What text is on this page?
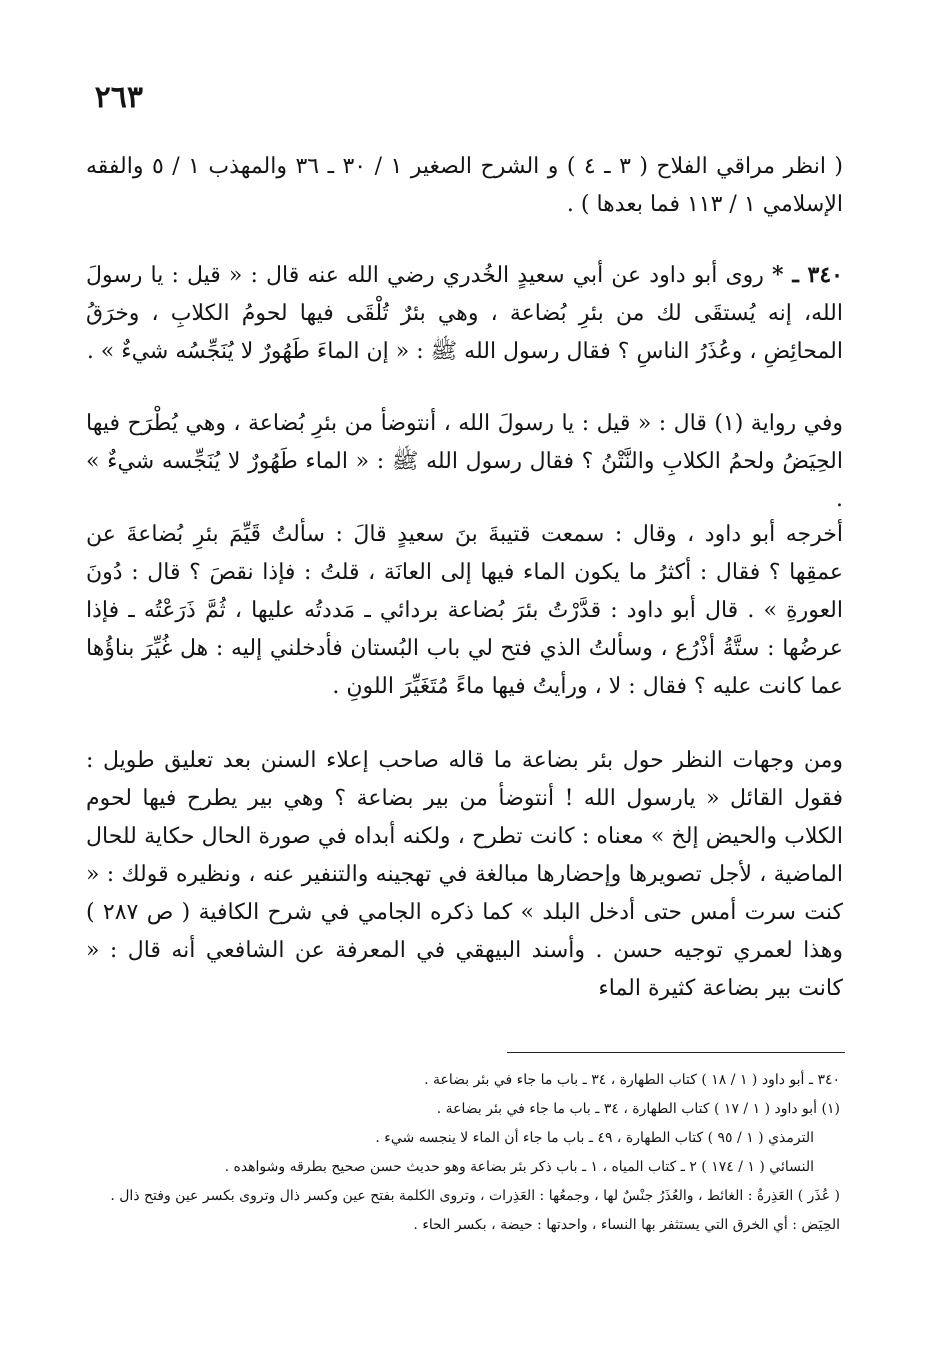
٢٦٣

( انظر مراقي الفلاح ( ٣ ـ ٤ ) و الشرح الصغير ١ / ٣٠ ـ ٣٦ والمهذب ١ / ٥ والفقه الإسلامي ١ / ١١٣ فما بعدها ) .

٣٤٠ ـ * روى أبو داود عن أبي سعيدٍ الخُدري رضي الله عنه قال : « قيل : يا رسولَ الله، إنه يُستقَى لك من بئرِ بُضاعة ، وهي بئرٌ تُلْقَى فيها لحومُ الكلابِ ، وخرَقُ المحائِضِ ، وعُذَرُ الناسِ ؟ فقال رسول الله ﷺ : « إن الماءَ طَهُورٌ لا يُنَجِّسُه شيءٌ » .

وفي رواية (١) قال : « قيل : يا رسولَ الله ، أنتوضأ من بئرِ بُضاعة ، وهي يُطْرَح فيها الحِيَضُ ولحمُ الكلابِ والنَّتْنُ ؟ فقال رسول الله ﷺ : « الماء طَهُورٌ لا يُنَجِّسه شيءٌ » .

أخرجه أبو داود ، وقال : سمعت قتيبةَ بنَ سعيدٍ قالَ : سألتُ قَيِّمَ بئرِ بُضاعةَ عن عمقِها ؟ فقال : أكثرُ ما يكون الماء فيها إلى العانَة ، قلتُ : فإذا نقصَ ؟ قال : دُونَ العورةِ » . قال أبو داود : قدَّرْتُ بئرَ بُضاعة بردائي ـ مَددتُه عليها ، ثُمَّ ذَرَعْتُه ـ فإذا عرضُها : ستَّةُ أذْرُع ، وسألتُ الذي فتح لي باب البُستان فأدخلني إليه : هل غُيِّرَ بناؤُها عما كانت عليه ؟ فقال : لا ، ورأيتُ فيها ماءً مُتَغَيِّرَ اللونِ .

ومن وجهات النظر حول بئر بضاعة ما قاله صاحب إعلاء السنن بعد تعليق طويل : فقول القائل « يارسول الله ! أنتوضأ من بير بضاعة ؟ وهي بير يطرح فيها لحوم الكلاب والحيض إلخ » معناه : كانت تطرح ، ولكنه أبداه في صورة الحال حكاية للحال الماضية ، لأجل تصويرها وإحضارها مبالغة في تهجينه والتنفير عنه ، ونظيره قولك : « كنت سرت أمس حتى أدخل البلد » كما ذكره الجامي في شرح الكافية ( ص ٢٨٧ ) وهذا لعمري توجيه حسن . وأسند البيهقي في المعرفة عن الشافعي أنه قال : « كانت بير بضاعة كثيرة الماء

٣٤٠ ـ أبو داود ( ١ / ١٨ ) كتاب الطهارة ، ٣٤ ـ باب ما جاء في بئر بضاعة .

(١) أبو داود ( ١ / ١٧ ) كتاب الطهارة ، ٣٤ ـ باب ما جاء في بئر بضاعة .

الترمذي ( ١ / ٩٥ ) كتاب الطهارة ، ٤٩ ـ باب ما جاء أن الماء لا ينجسه شيء .

النسائي ( ١ / ١٧٤ ) ٢ ـ كتاب المياه ، ١ ـ باب ذكر بئر بضاعة وهو حديث حسن صحيح بطرقه وشواهده .

( عُذَر ) العَذِرةُ : الغائط ، والعُذَرُ جنْسٌ لها ، وجمعُها : العَذِرات ، وتروى الكلمة بفتح عين وكسر ذال وتروى بكسر عين وفتح ذال .

الحِيَض : أي الخرق التي يستثفر بها النساء ، واحدتها : حيضة ، بكسر الحاء .
